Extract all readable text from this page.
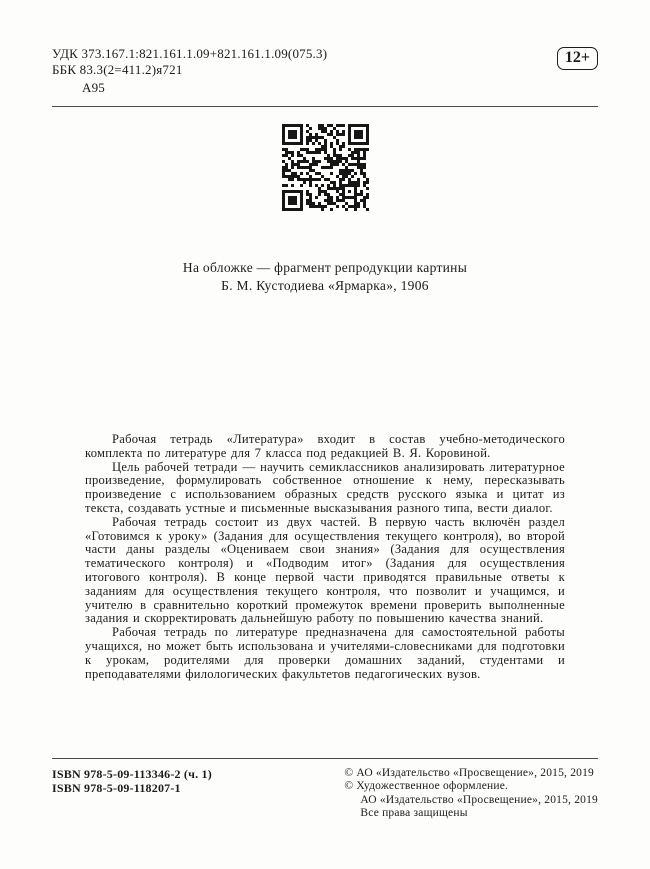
УДК 373.167.1:821.161.1.09+821.161.1.09(075.3)
ББК 83.3(2=411.2)я721
А95
12+
На обложке — фрагмент репродукции картины
Б. М. Кустодиева «Ярмарка», 1906

Рабочая тетрадь «Литература» входит в состав учебно-методического комплекта по литературе для 7 класса под редакцией В. Я. Коровиной.

Цель рабочей тетради — научить семиклассников анализировать литературное произведение, формулировать собственное отношение к нему, пересказывать произведение с использованием образных средств русского языка и цитат из текста, создавать устные и письменные высказывания разного типа, вести диалог.

Рабочая тетрадь состоит из двух частей. В первую часть включён раздел «Готовимся к уроку» (Задания для осуществления текущего контроля), во второй части даны разделы «Оцениваем свои знания» (Задания для осуществления тематического контроля) и «Подводим итог» (Задания для осуществления итогового контроля). В конце первой части приводятся правильные ответы к заданиям для осуществления текущего контроля, что позволит и учащимся, и учителю в сравнительно короткий промежуток времени проверить выполненные задания и скорректировать дальнейшую работу по повышению качества знаний.

Рабочая тетрадь по литературе предназначена для самостоятельной работы учащихся, но может быть использована и учителями-словесниками для подготовки к урокам, родителями для проверки домашних заданий, студентами и преподавателями филологических факультетов педагогических вузов.

ISBN 978-5-09-113346-2 (ч. 1)
ISBN 978-5-09-118207-1
© АО «Издательство «Просвещение», 2015, 2019
© Художественное оформление.
АО «Издательство «Просвещение», 2015, 2019
Все права защищены
